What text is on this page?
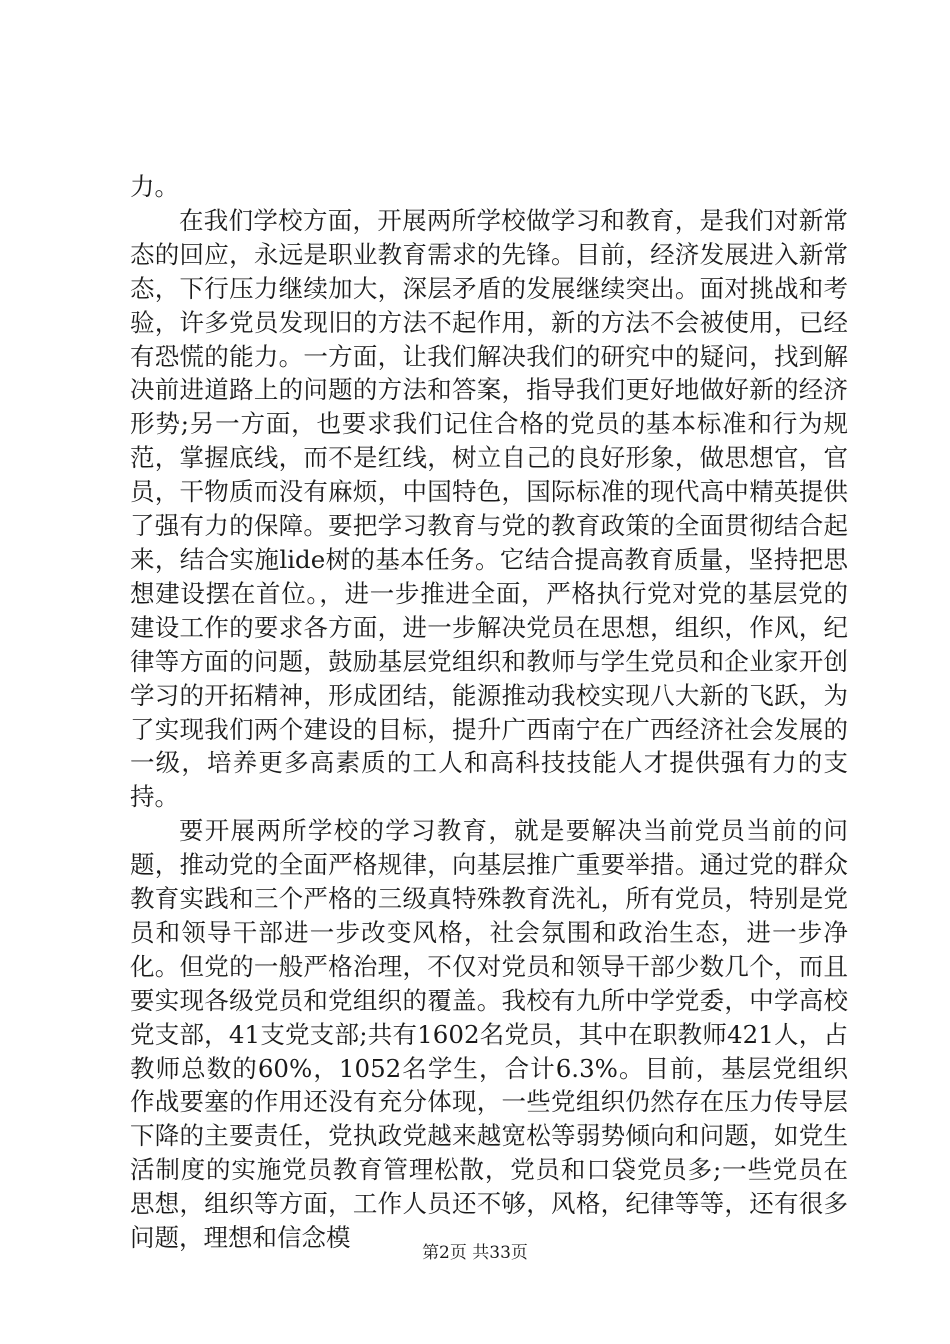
力。

在我们学校方面，开展两所学校做学习和教育，是我们对新常态的回应，永远是职业教育需求的先锋。目前，经济发展进入新常态，下行压力继续加大，深层矛盾的发展继续突出。面对挑战和考验，许多党员发现旧的方法不起作用，新的方法不会被使用，已经有恐慌的能力。一方面，让我们解决我们的研究中的疑问，找到解决前进道路上的问题的方法和答案，指导我们更好地做好新的经济形势;另一方面，也要求我们记住合格的党员的基本标准和行为规范，掌握底线，而不是红线，树立自己的良好形象，做思想官，官员，干物质而没有麻烦，中国特色，国际标准的现代高中精英提供了强有力的保障。要把学习教育与党的教育政策的全面贯彻结合起来，结合实施lide树的基本任务。它结合提高教育质量，坚持把思想建设摆在首位。，进一步推进全面，严格执行党对党的基层党的建设工作的要求各方面，进一步解决党员在思想，组织，作风，纪律等方面的问题，鼓励基层党组织和教师与学生党员和企业家开创学习的开拓精神，形成团结，能源推动我校实现八大新的飞跃，为了实现我们两个建设的目标，提升广西南宁在广西经济社会发展的一级，培养更多高素质的工人和高科技技能人才提供强有力的支持。

要开展两所学校的学习教育，就是要解决当前党员当前的问题，推动党的全面严格规律，向基层推广重要举措。通过党的群众教育实践和三个严格的三级真特殊教育洗礼，所有党员，特别是党员和领导干部进一步改变风格，社会氛围和政治生态，进一步净化。但党的一般严格治理，不仅对党员和领导干部少数几个，而且要实现各级党员和党组织的覆盖。我校有九所中学党委，中学高校党支部，41支党支部;共有1602名党员，其中在职教师421人，占教师总数的60%，1052名学生，合计6.3%。目前，基层党组织作战要塞的作用还没有充分体现，一些党组织仍然存在压力传导层下降的主要责任，党执政党越来越宽松等弱势倾向和问题，如党生活制度的实施党员教育管理松散，党员和口袋党员多;一些党员在思想，组织等方面，工作人员还不够，风格，纪律等等，还有很多问题，理想和信念模

第2页 共33页
